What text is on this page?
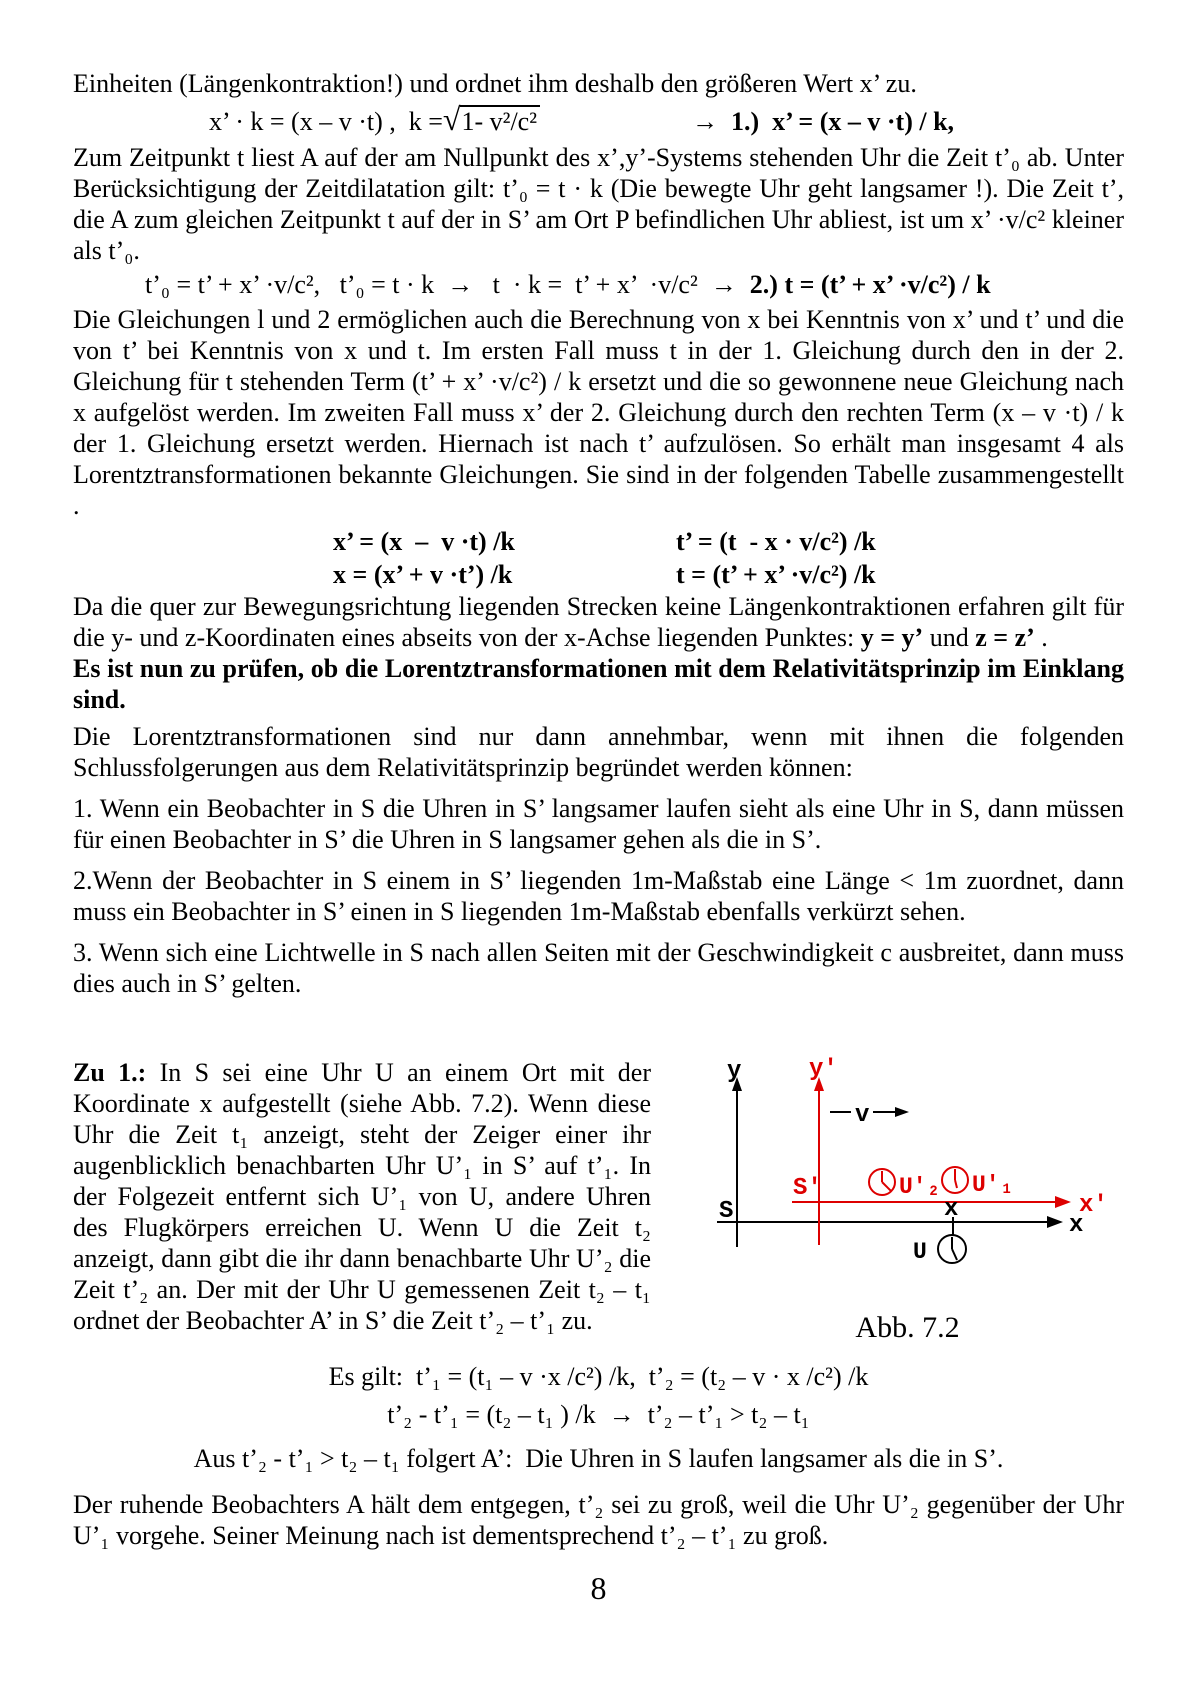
Einheiten (Längenkontraktion!) und ordnet ihm deshalb den größeren Wert x’ zu.

x’ · k = (x – v ·t) ,  k =√1- v²/c²	→  1.)  x’ = (x – v ·t) / k,

Zum Zeitpunkt t liest A auf der am Nullpunkt des x’,y’-Systems stehenden Uhr die Zeit t’₀ ab. Unter Berücksichtigung der Zeitdilatation gilt: t’₀ = t · k (Die bewegte Uhr geht langsamer !). Die Zeit t’, die A zum gleichen Zeitpunkt t auf der in S’ am Ort P befindlichen Uhr abliest, ist um x’ ·v/c² kleiner als t’₀.

t’₀ = t’ + x’ ·v/c²,   t’₀ = t · k  →   t  · k =  t’ + x’  ·v/c²  →  2.) t = (t’ + x’ ·v/c²) / k

Die Gleichungen l und 2 ermöglichen auch die Berechnung von x bei Kenntnis von x’ und t’ und die von t’ bei Kenntnis von x und t. Im ersten Fall muss t in der 1. Gleichung durch den in der 2. Gleichung für t stehenden Term (t’ + x’ ·v/c²) / k ersetzt und die so gewonnene neue Gleichung nach x aufgelöst werden. Im zweiten Fall muss x’ der 2. Gleichung durch den rechten Term (x – v ·t) / k der 1. Gleichung ersetzt werden. Hiernach ist nach t’ aufzulösen. So erhält man insgesamt 4 als Lorentztransformationen bekannte Gleichungen. Sie sind in der folgenden Tabelle zusammengestellt .

x’ = (x  –  v ·t) /k	t’ = (t  - x · v/c²) /k
x = (x’ + v ·t’) /k	t = (t’ + x’ ·v/c²) /k

Da die quer zur Bewegungsrichtung liegenden Strecken keine Längenkontraktionen erfahren gilt für die y- und z-Koordinaten eines abseits von der x-Achse liegenden Punktes: y = y’ und z = z’ .

Es ist nun zu prüfen, ob die Lorentztransformationen mit dem Relativitätsprinzip im Einklang sind.

Die Lorentztransformationen sind nur dann annehmbar, wenn mit ihnen die folgenden Schlussfolgerungen aus dem Relativitätsprinzip begründet werden können:

1. Wenn ein Beobachter in S die Uhren in S’ langsamer laufen sieht als eine Uhr in S, dann müssen für einen Beobachter in S’ die Uhren in S langsamer gehen als die in S’.

2.Wenn der Beobachter in S einem in S’ liegenden 1m-Maßstab eine Länge < 1m zuordnet, dann muss ein Beobachter in S’ einen in S liegenden 1m-Maßstab ebenfalls verkürzt sehen.

3. Wenn sich eine Lichtwelle in S nach allen Seiten mit der Geschwindigkeit c ausbreitet, dann muss dies auch in S’ gelten.

Zu 1.: In S sei eine Uhr U an einem Ort mit der Koordinate x aufgestellt (siehe Abb. 7.2). Wenn diese Uhr die Zeit t₁ anzeigt, steht der Zeiger einer ihr augenblicklich benachbarten Uhr U’₁ in S’ auf t’₁. In der Folgezeit entfernt sich U’₁ von U, andere Uhren des Flugkörpers erreichen U. Wenn U die Zeit t₂ anzeigt, dann gibt die ihr dann benachbarte Uhr U’₂ die Zeit t’₂ an. Der mit der Uhr U gemessenen Zeit t₂ – t₁ ordnet der Beobachter A’ in S’ die Zeit t’₂ – t’₁ zu.

y	y'
v
S'
S	x'
x
x
U'₂ U'₁
U
Abb. 7.2
Es gilt:  t’₁ = (t₁ – v ·x /c²) /k,  t’₂ = (t₂ – v · x /c²) /k
t’₂ - t’₁ = (t₂ – t₁ ) /k  →  t’₂ – t’₁ > t₂ – t₁
Aus t’₂ - t’₁ > t₂ – t₁ folgert A’:  Die Uhren in S laufen langsamer als die in S’.

Der ruhende Beobachters A hält dem entgegen, t’₂ sei zu groß, weil die Uhr U’₂ gegenüber der Uhr U’₁ vorgehe. Seiner Meinung nach ist dementsprechend t’₂ – t’₁ zu groß.

8
